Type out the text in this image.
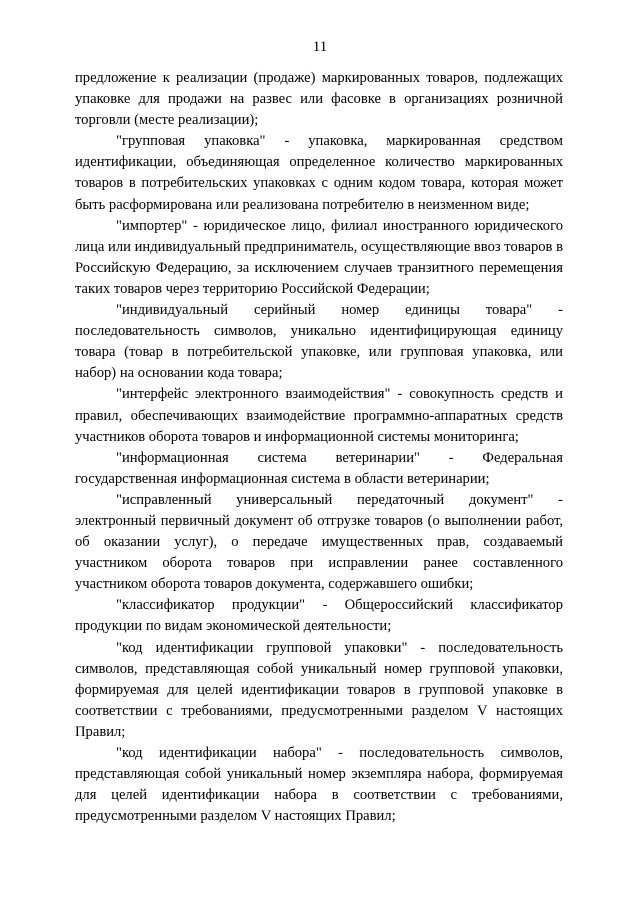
11

предложение к реализации (продаже) маркированных товаров, подлежащих упаковке для продажи на развес или фасовке в организациях розничной торговли (месте реализации);

"групповая упаковка" - упаковка, маркированная средством идентификации, объединяющая определенное количество маркированных товаров в потребительских упаковках с одним кодом товара, которая может быть расформирована или реализована потребителю в неизменном виде;

"импортер" - юридическое лицо, филиал иностранного юридического лица или индивидуальный предприниматель, осуществляющие ввоз товаров в Российскую Федерацию, за исключением случаев транзитного перемещения таких товаров через территорию Российской Федерации;

"индивидуальный серийный номер единицы товара" - последовательность символов, уникально идентифицирующая единицу товара (товар в потребительской упаковке, или групповая упаковка, или набор) на основании кода товара;

"интерфейс электронного взаимодействия" - совокупность средств и правил, обеспечивающих взаимодействие программно-аппаратных средств участников оборота товаров и информационной системы мониторинга;

"информационная система ветеринарии" - Федеральная государственная информационная система в области ветеринарии;

"исправленный универсальный передаточный документ" - электронный первичный документ об отгрузке товаров (о выполнении работ, об оказании услуг), о передаче имущественных прав, создаваемый участником оборота товаров при исправлении ранее составленного участником оборота товаров документа, содержавшего ошибки;

"классификатор продукции" - Общероссийский классификатор продукции по видам экономической деятельности;

"код идентификации групповой упаковки" - последовательность символов, представляющая собой уникальный номер групповой упаковки, формируемая для целей идентификации товаров в групповой упаковке в соответствии с требованиями, предусмотренными разделом V настоящих Правил;

"код идентификации набора" - последовательность символов, представляющая собой уникальный номер экземпляра набора, формируемая для целей идентификации набора в соответствии с требованиями, предусмотренными разделом V настоящих Правил;
